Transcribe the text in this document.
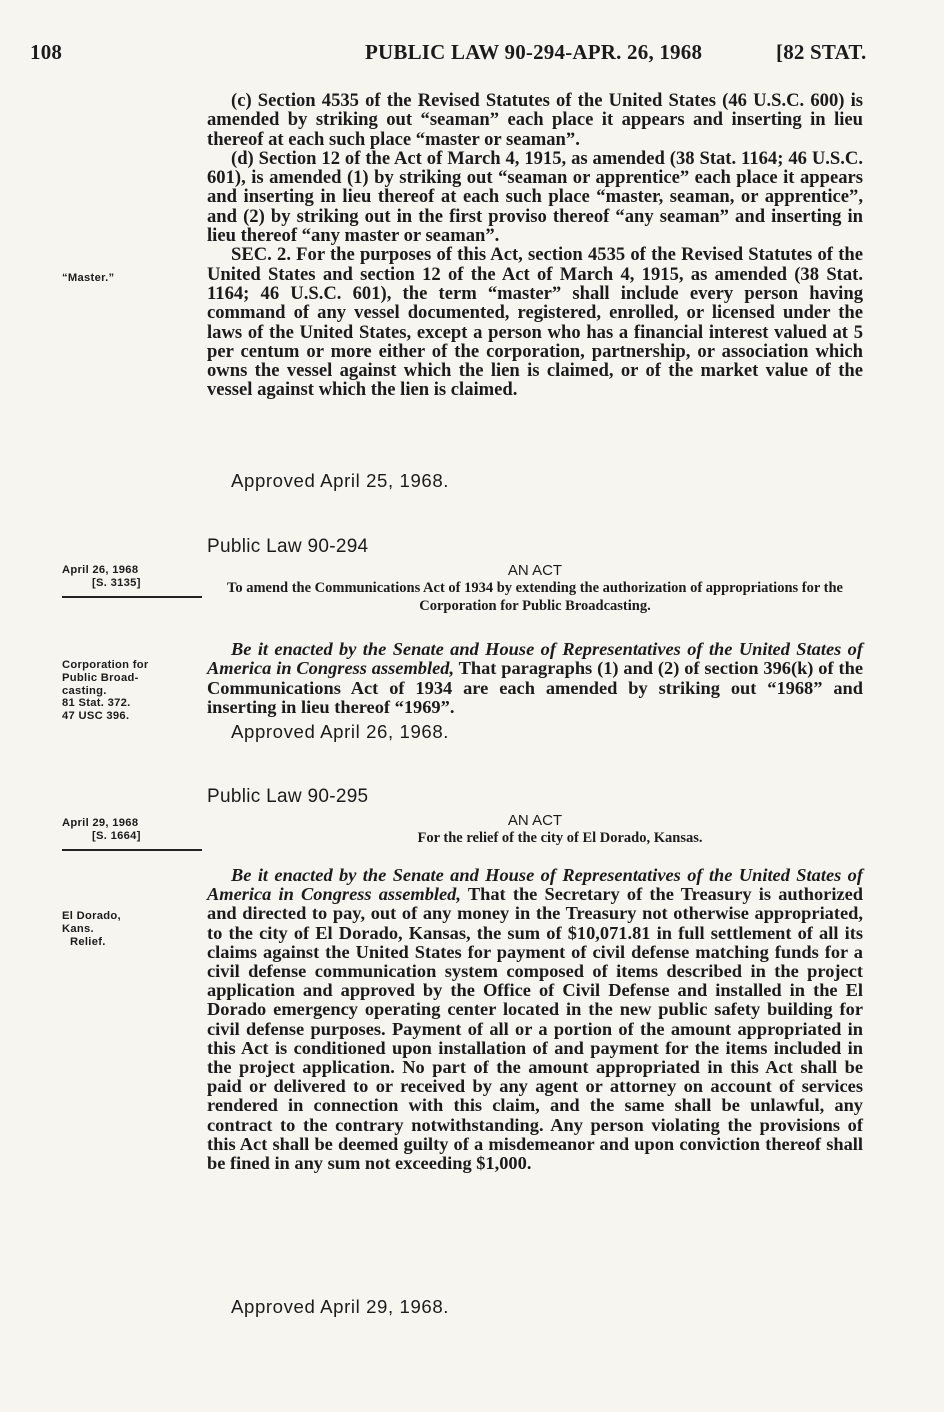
108	PUBLIC LAW 90-294-APR. 26, 1968	[82 STAT.

(c) Section 4535 of the Revised Statutes of the United States (46 U.S.C. 600) is amended by striking out “seaman” each place it appears and inserting in lieu thereof at each such place “master or seaman”.

(d) Section 12 of the Act of March 4, 1915, as amended (38 Stat. 1164; 46 U.S.C. 601), is amended (1) by striking out “seaman or apprentice” each place it appears and inserting in lieu thereof at each such place “master, seaman, or apprentice”, and (2) by striking out in the first proviso thereof “any seaman” and inserting in lieu thereof “any master or seaman”.

SEC. 2. For the purposes of this Act, section 4535 of the Revised Statutes of the United States and section 12 of the Act of March 4, 1915, as amended (38 Stat. 1164; 46 U.S.C. 601), the term “master” shall include every person having command of any vessel documented, registered, enrolled, or licensed under the laws of the United States, except a person who has a financial interest valued at 5 per centum or more either of the corporation, partnership, or association which owns the vessel against which the lien is claimed, or of the market value of the vessel against which the lien is claimed.

Approved April 25, 1968.
“Master.”
Public Law 90-294
AN ACT
To amend the Communications Act of 1934 by extending the authorization of appropriations for the Corporation for Public Broadcasting.
April 26, 1968
[S. 3135]

Be it enacted by the Senate and House of Representatives of the United States of America in Congress assembled, That paragraphs (1) and (2) of section 396(k) of the Communications Act of 1934 are each amended by striking out “1968” and inserting in lieu thereof “1969”.

Corporation for
Public Broad-
casting.
81 Stat. 372.
47 USC 396.
Approved April 26, 1968.
Public Law 90-295
AN ACT
For the relief of the city of El Dorado, Kansas.
April 29, 1968
[S. 1664]
El Dorado,
Kans.
Relief.

Be it enacted by the Senate and House of Representatives of the United States of America in Congress assembled, That the Secretary of the Treasury is authorized and directed to pay, out of any money in the Treasury not otherwise appropriated, to the city of El Dorado, Kansas, the sum of $10,071.81 in full settlement of all its claims against the United States for payment of civil defense matching funds for a civil defense communication system composed of items described in the project application and approved by the Office of Civil Defense and installed in the El Dorado emergency operating center located in the new public safety building for civil defense purposes. Payment of all or a portion of the amount appropriated in this Act is conditioned upon installation of and payment for the items included in the project application. No part of the amount appropriated in this Act shall be paid or delivered to or received by any agent or attorney on account of services rendered in connection with this claim, and the same shall be unlawful, any contract to the contrary notwithstanding. Any person violating the provisions of this Act shall be deemed guilty of a misdemeanor and upon conviction thereof shall be fined in any sum not exceeding $1,000.

Approved April 29, 1968.
